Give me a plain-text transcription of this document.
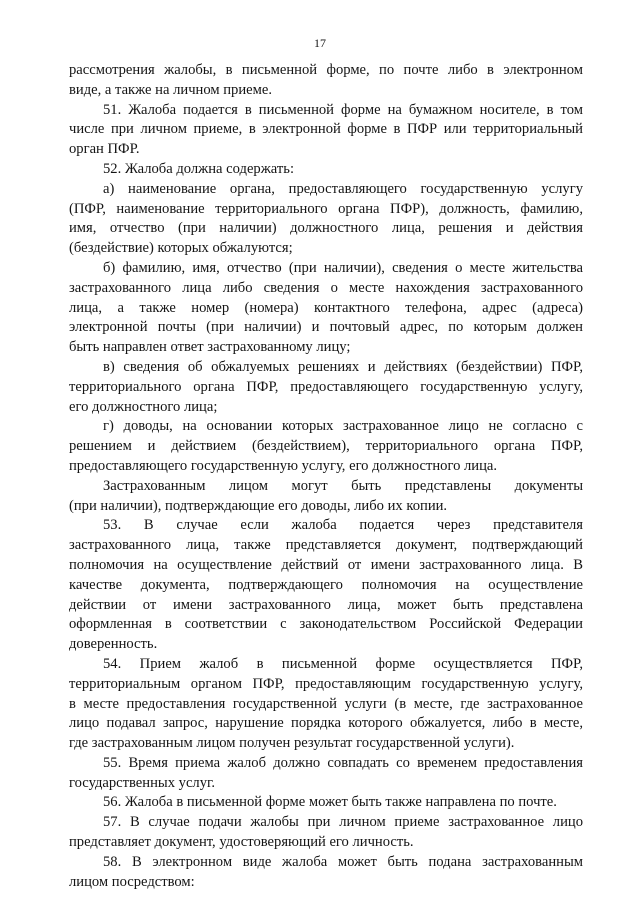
17
рассмотрения жалобы, в письменной форме, по почте либо в электронном
виде, а также на личном приеме.
51. Жалоба подается в письменной форме на бумажном носителе, в том
числе при личном приеме, в электронной форме в ПФР или территориальный
орган ПФР.
52. Жалоба должна содержать:
а) наименование органа, предоставляющего государственную услугу
(ПФР, наименование территориального органа ПФР), должность, фамилию,
имя, отчество (при наличии) должностного лица, решения и действия
(бездействие) которых обжалуются;
б) фамилию, имя, отчество (при наличии), сведения о месте жительства
застрахованного лица либо сведения о месте нахождения застрахованного
лица, а также номер (номера) контактного телефона, адрес (адреса)
электронной почты (при наличии) и почтовый адрес, по которым должен
быть направлен ответ застрахованному лицу;
в) сведения об обжалуемых решениях и действиях (бездействии) ПФР,
территориального органа ПФР, предоставляющего государственную услугу,
его должностного лица;
г) доводы, на основании которых застрахованное лицо не согласно с
решением и действием (бездействием), территориального органа ПФР,
предоставляющего государственную услугу, его должностного лица.
Застрахованным лицом могут быть представлены документы
(при наличии), подтверждающие его доводы, либо их копии.
53. В случае если жалоба подается через представителя
застрахованного лица, также представляется документ, подтверждающий
полномочия на осуществление действий от имени застрахованного лица. В
качестве документа, подтверждающего полномочия на осуществление
действии от имени застрахованного лица, может быть представлена
оформленная в соответствии с законодательством Российской Федерации
доверенность.
54. Прием жалоб в письменной форме осуществляется ПФР,
территориальным органом ПФР, предоставляющим государственную услугу,
в месте предоставления государственной услуги (в месте, где застрахованное
лицо подавал запрос, нарушение порядка которого обжалуется, либо в месте,
где застрахованным лицом получен результат государственной услуги).
55. Время приема жалоб должно совпадать со временем предоставления
государственных услуг.
56. Жалоба в письменной форме может быть также направлена по почте.
57. В случае подачи жалобы при личном приеме застрахованное лицо
представляет документ, удостоверяющий его личность.
58. В электронном виде жалоба может быть подана застрахованным
лицом посредством:
